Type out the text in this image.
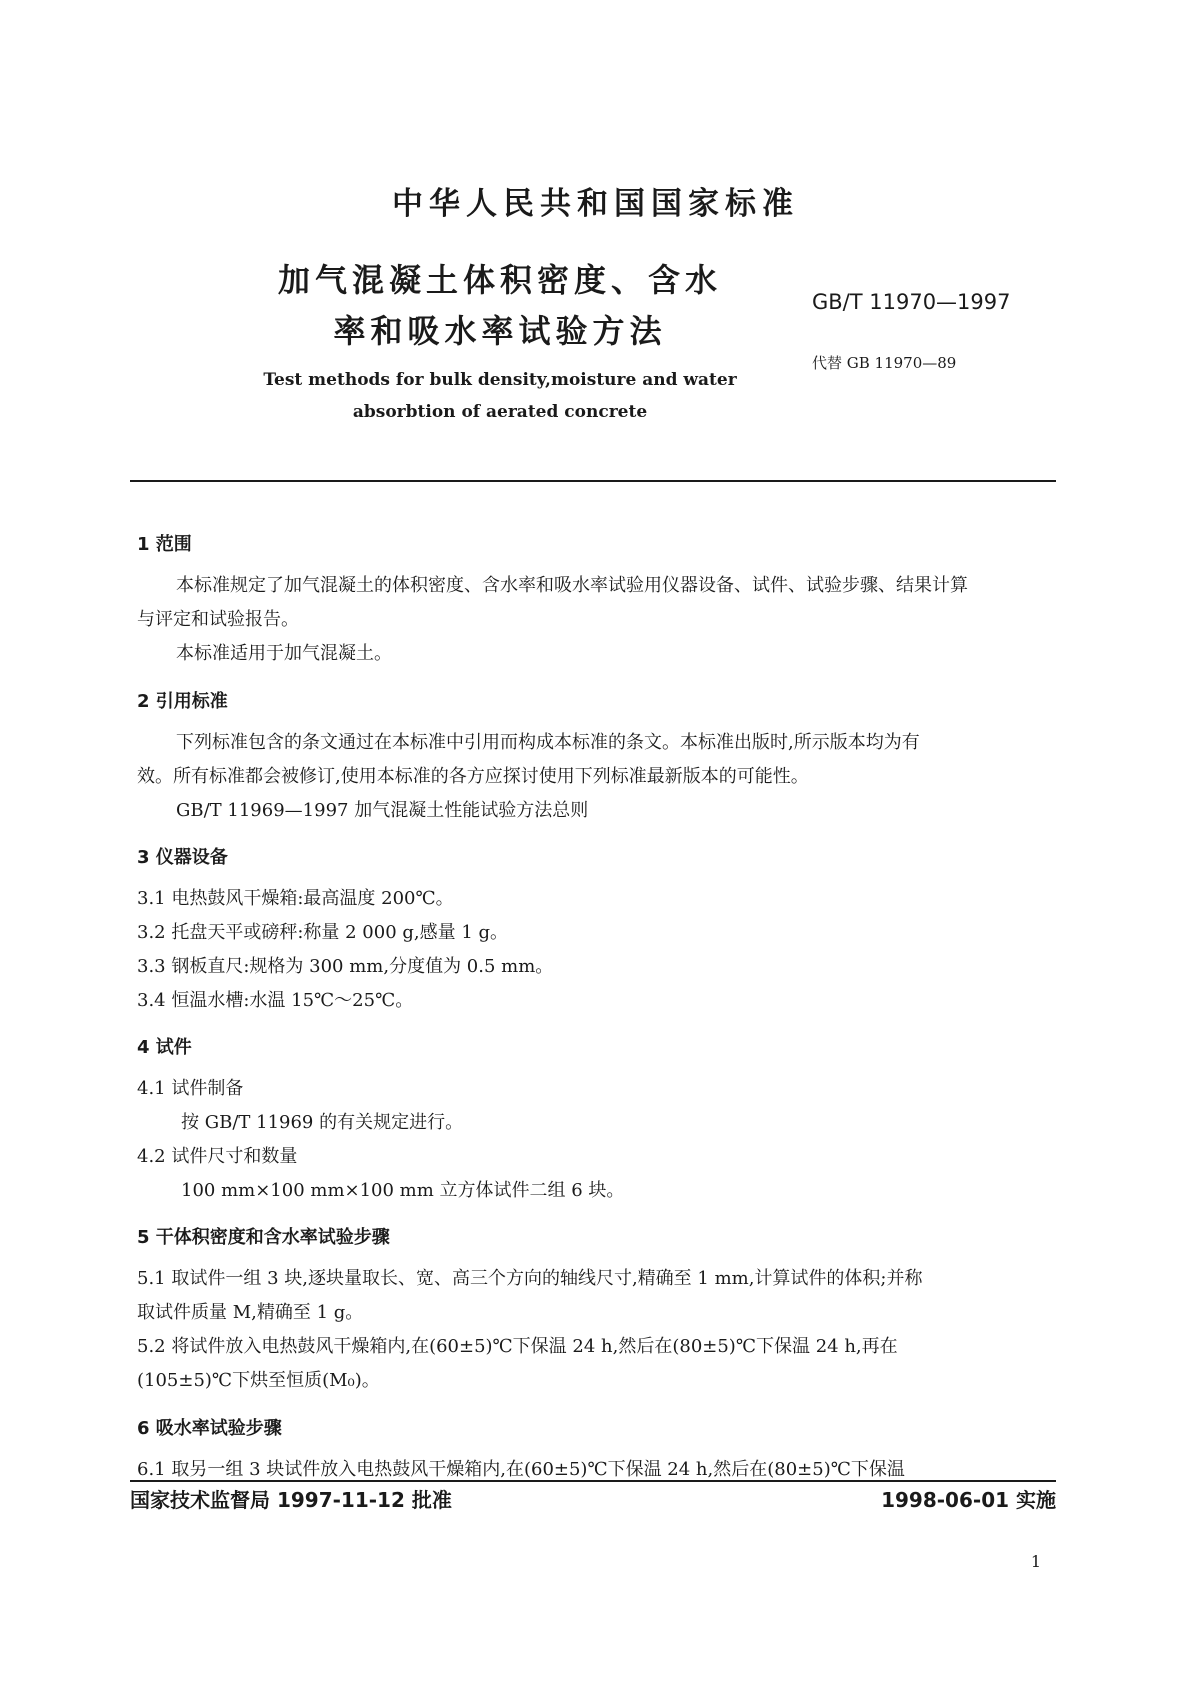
中华人民共和国国家标准
加气混凝土体积密度、含水
率和吸水率试验方法
Test methods for bulk density,moisture and water
absorbtion of aerated concrete
GB/T 11970—1997
代替 GB 11970—89
1 范围
本标准规定了加气混凝土的体积密度、含水率和吸水率试验用仪器设备、试件、试验步骤、结果计算
与评定和试验报告。
本标准适用于加气混凝土。
2 引用标准
下列标准包含的条文通过在本标准中引用而构成本标准的条文。本标准出版时,所示版本均为有
效。所有标准都会被修订,使用本标准的各方应探讨使用下列标准最新版本的可能性。
GB/T 11969—1997 加气混凝土性能试验方法总则
3 仪器设备
3.1 电热鼓风干燥箱:最高温度 200℃。
3.2 托盘天平或磅秤:称量 2 000 g,感量 1 g。
3.3 钢板直尺:规格为 300 mm,分度值为 0.5 mm。
3.4 恒温水槽:水温 15℃～25℃。
4 试件
4.1 试件制备
按 GB/T 11969 的有关规定进行。
4.2 试件尺寸和数量
100 mm×100 mm×100 mm 立方体试件二组 6 块。
5 干体积密度和含水率试验步骤
5.1 取试件一组 3 块,逐块量取长、宽、高三个方向的轴线尺寸,精确至 1 mm,计算试件的体积;并称
取试件质量 M,精确至 1 g。
5.2 将试件放入电热鼓风干燥箱内,在(60±5)℃下保温 24 h,然后在(80±5)℃下保温 24 h,再在
(105±5)℃下烘至恒质(M₀)。
6 吸水率试验步骤
6.1 取另一组 3 块试件放入电热鼓风干燥箱内,在(60±5)℃下保温 24 h,然后在(80±5)℃下保温
国家技术监督局 1997-11-12 批准	1998-06-01 实施
1
